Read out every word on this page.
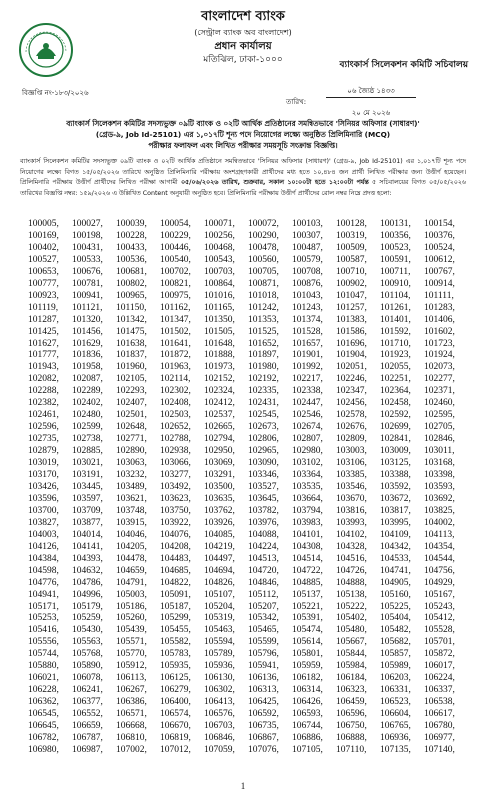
বাংলাদেশ ব্যাংক
(সেন্ট্রাল ব্যাংক অব বাংলাদেশ)
প্রধান কার্যালয়
মতিঝিল, ঢাকা-১০০০	ব্যাংকার্স সিলেকশন কমিটি সচিবালয়
বিজ্ঞপ্তি নং-১৮৩/২০২৬	০৬ জ্যৈষ্ঠ ১৪৩৩
তারিখ:
২০ মে ২০২৬
ব্যাংকার্স সিলেকশন কমিটির সদস্যভুক্ত ০৯টি ব্যাংক ও ০২টি আর্থিক প্রতিষ্ঠানের সমন্বিতভাবে 'সিনিয়র অফিসার (সাধারণ)'
(গ্রেড-৯, Job Id-25101) এর ১,০১৭টি শূন্য পদে নিয়োগের লক্ষ্যে অনুষ্ঠিত প্রিলিমিনারি (MCQ)
পরীক্ষার ফলাফল এবং লিখিত পরীক্ষার সময়সূচি সংক্রান্ত বিজ্ঞপ্তি।
ব্যাংকার্স সিলেকশন কমিটির সদস্যভুক্ত ০৯টি ব্যাংক ও ০২টি আর্থিক প্রতিষ্ঠানে সমন্বিতভাবে 'সিনিয়র অফিসার (সাধারণ)' (গ্রেড-৯, Job Id-25101) এর ১,০১৭টি শূন্য পদে নিয়োগের লক্ষ্যে বিগত ১৫/০৫/২০২৬ তারিখে অনুষ্ঠিত প্রিলিমিনারি পরীক্ষায় অংশগ্রহণকারী প্রার্থীদের মধ্য হতে ১০,৪৮৪ জন প্রার্থী লিখিত পরীক্ষার জন্য উত্তীর্ণ হয়েছেন। প্রিলিমিনারি পরীক্ষায় উত্তীর্ণ প্রার্থীদের লিখিত পরীক্ষা আগামী ০৫/০৬/২০২৬ তারিখ, শুক্রবার, সকাল ১০:০০টা হতে ১২:০০টা পর্যন্ত ৫ সচিবালয়ের বিগত ০৫/০৫/২০২৬ তারিখের বিজ্ঞপ্তি নম্বর: ১৫৯/২০২৬ এ উল্লিখিত Content অনুযায়ী অনুষ্ঠিত হবে। প্রিলিমিনারি পরীক্ষায় উত্তীর্ণ প্রার্থীদের রোল নম্বর নিম্নে প্রদত্ত হলো:
100005,	100027,	100039,	100054,	100071,	100072,	100103,	100128,	100131,	100154,
100169,	100198,	100228,	100229,	100256,	100290,	100307,	100319,	100356,	100376,
100402,	100431,	100433,	100446,	100468,	100478,	100487,	100509,	100523,	100524,
100527,	100533,	100536,	100540,	100543,	100560,	100579,	100587,	100591,	100612,
100653,	100676,	100681,	100702,	100703,	100705,	100708,	100710,	100711,	100767,
100777,	100781,	100802,	100821,	100864,	100871,	100876,	100902,	100910,	100914,
100923,	100941,	100965,	100975,	101016,	101018,	101043,	101047,	101104,	101111,
101119,	101121,	101150,	101162,	101165,	101242,	101243,	101257,	101261,	101283,
101287,	101320,	101342,	101347,	101350,	101353,	101374,	101383,	101401,	101406,
101425,	101456,	101475,	101502,	101505,	101525,	101528,	101586,	101592,	101602,
101627,	101629,	101638,	101641,	101648,	101652,	101657,	101696,	101710,	101723,
101777,	101836,	101837,	101872,	101888,	101897,	101901,	101904,	101923,	101924,
101943,	101958,	101960,	101963,	101973,	101980,	101992,	102051,	102055,	102073,
102082,	102087,	102105,	102114,	102152,	102192,	102217,	102246,	102251,	102277,
102288,	102289,	102293,	102302,	102324,	102335,	102338,	102347,	102364,	102371,
102382,	102402,	102407,	102408,	102412,	102431,	102447,	102456,	102458,	102460,
102461,	102480,	102501,	102503,	102537,	102545,	102546,	102578,	102592,	102595,
102596,	102599,	102648,	102652,	102665,	102673,	102674,	102676,	102699,	102705,
102735,	102738,	102771,	102788,	102794,	102806,	102807,	102809,	102841,	102846,
102879,	102885,	102890,	102938,	102950,	102965,	102980,	103003,	103009,	103011,
103019,	103021,	103063,	103066,	103069,	103090,	103102,	103106,	103125,	103168,
103170,	103191,	103232,	103277,	103291,	103346,	103364,	103385,	103388,	103398,
103426,	103445,	103489,	103492,	103500,	103527,	103535,	103546,	103592,	103593,
103596,	103597,	103621,	103623,	103635,	103645,	103664,	103670,	103672,	103692,
103700,	103709,	103748,	103750,	103762,	103782,	103794,	103816,	103817,	103825,
103827,	103877,	103915,	103922,	103926,	103976,	103983,	103993,	103995,	104002,
104003,	104014,	104046,	104076,	104085,	104088,	104101,	104102,	104109,	104113,
104126,	104141,	104205,	104208,	104219,	104224,	104308,	104328,	104342,	104354,
104384,	104393,	104478,	104483,	104497,	104513,	104514,	104516,	104533,	104544,
104598,	104632,	104659,	104685,	104694,	104720,	104722,	104726,	104741,	104756,
104776,	104786,	104791,	104822,	104826,	104846,	104885,	104888,	104905,	104929,
104941,	104996,	105003,	105091,	105107,	105112,	105137,	105138,	105160,	105167,
105171,	105179,	105186,	105187,	105204,	105207,	105221,	105222,	105225,	105243,
105253,	105259,	105260,	105299,	105319,	105342,	105391,	105402,	105404,	105412,
105416,	105430,	105439,	105455,	105463,	105465,	105474,	105480,	105482,	105528,
105556,	105563,	105571,	105582,	105594,	105599,	105614,	105667,	105682,	105701,
105744,	105768,	105770,	105783,	105789,	105796,	105801,	105844,	105857,	105872,
105880,	105890,	105912,	105935,	105936,	105941,	105959,	105984,	105989,	106017,
106021,	106078,	106113,	106125,	106130,	106136,	106182,	106184,	106203,	106224,
106228,	106241,	106267,	106279,	106302,	106313,	106314,	106323,	106331,	106337,
106362,	106377,	106386,	106400,	106413,	106425,	106426,	106459,	106523,	106538,
106545,	106552,	106571,	106574,	106576,	106592,	106593,	106596,	106604,	106617,
106645,	106659,	106668,	106670,	106703,	106735,	106744,	106750,	106765,	106780,
106782,	106787,	106810,	106819,	106846,	106867,	106886,	106888,	106936,	106977,
106980,	106987,	107002,	107012,	107059,	107076,	107105,	107110,	107135,	107140,
1
